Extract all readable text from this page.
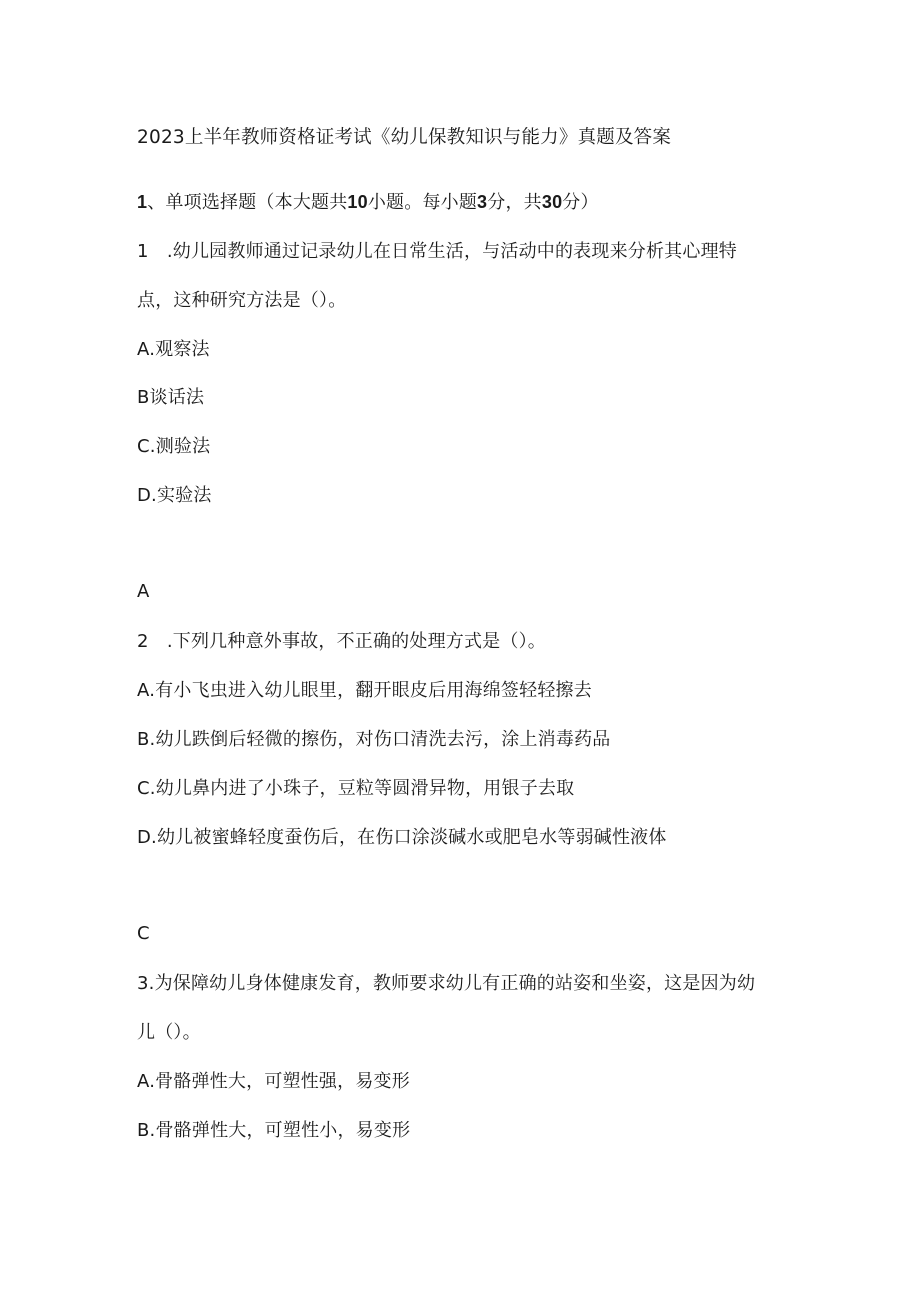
2023上半年教师资格证考试《幼儿保教知识与能力》真题及答案
1、单项选择题（本大题共10小题。每小题3分，共30分）
1　.幼儿园教师通过记录幼儿在日常生活，与活动中的表现来分析其心理特
点，这种研究方法是（）。
A.观察法
B谈话法
C.测验法
D.实验法
A
2　.下列几种意外事故，不正确的处理方式是（）。
A.有小飞虫进入幼儿眼里，翻开眼皮后用海绵签轻轻擦去
B.幼儿跌倒后轻微的擦伤，对伤口清洗去污，涂上消毒药品
C.幼儿鼻内进了小珠子，豆粒等圆滑异物，用银子去取
D.幼儿被蜜蜂轻度蚕伤后，在伤口涂淡碱水或肥皂水等弱碱性液体
C
3.为保障幼儿身体健康发育，教师要求幼儿有正确的站姿和坐姿，这是因为幼
儿（）。
A.骨骼弹性大，可塑性强，易变形
B.骨骼弹性大，可塑性小，易变形
